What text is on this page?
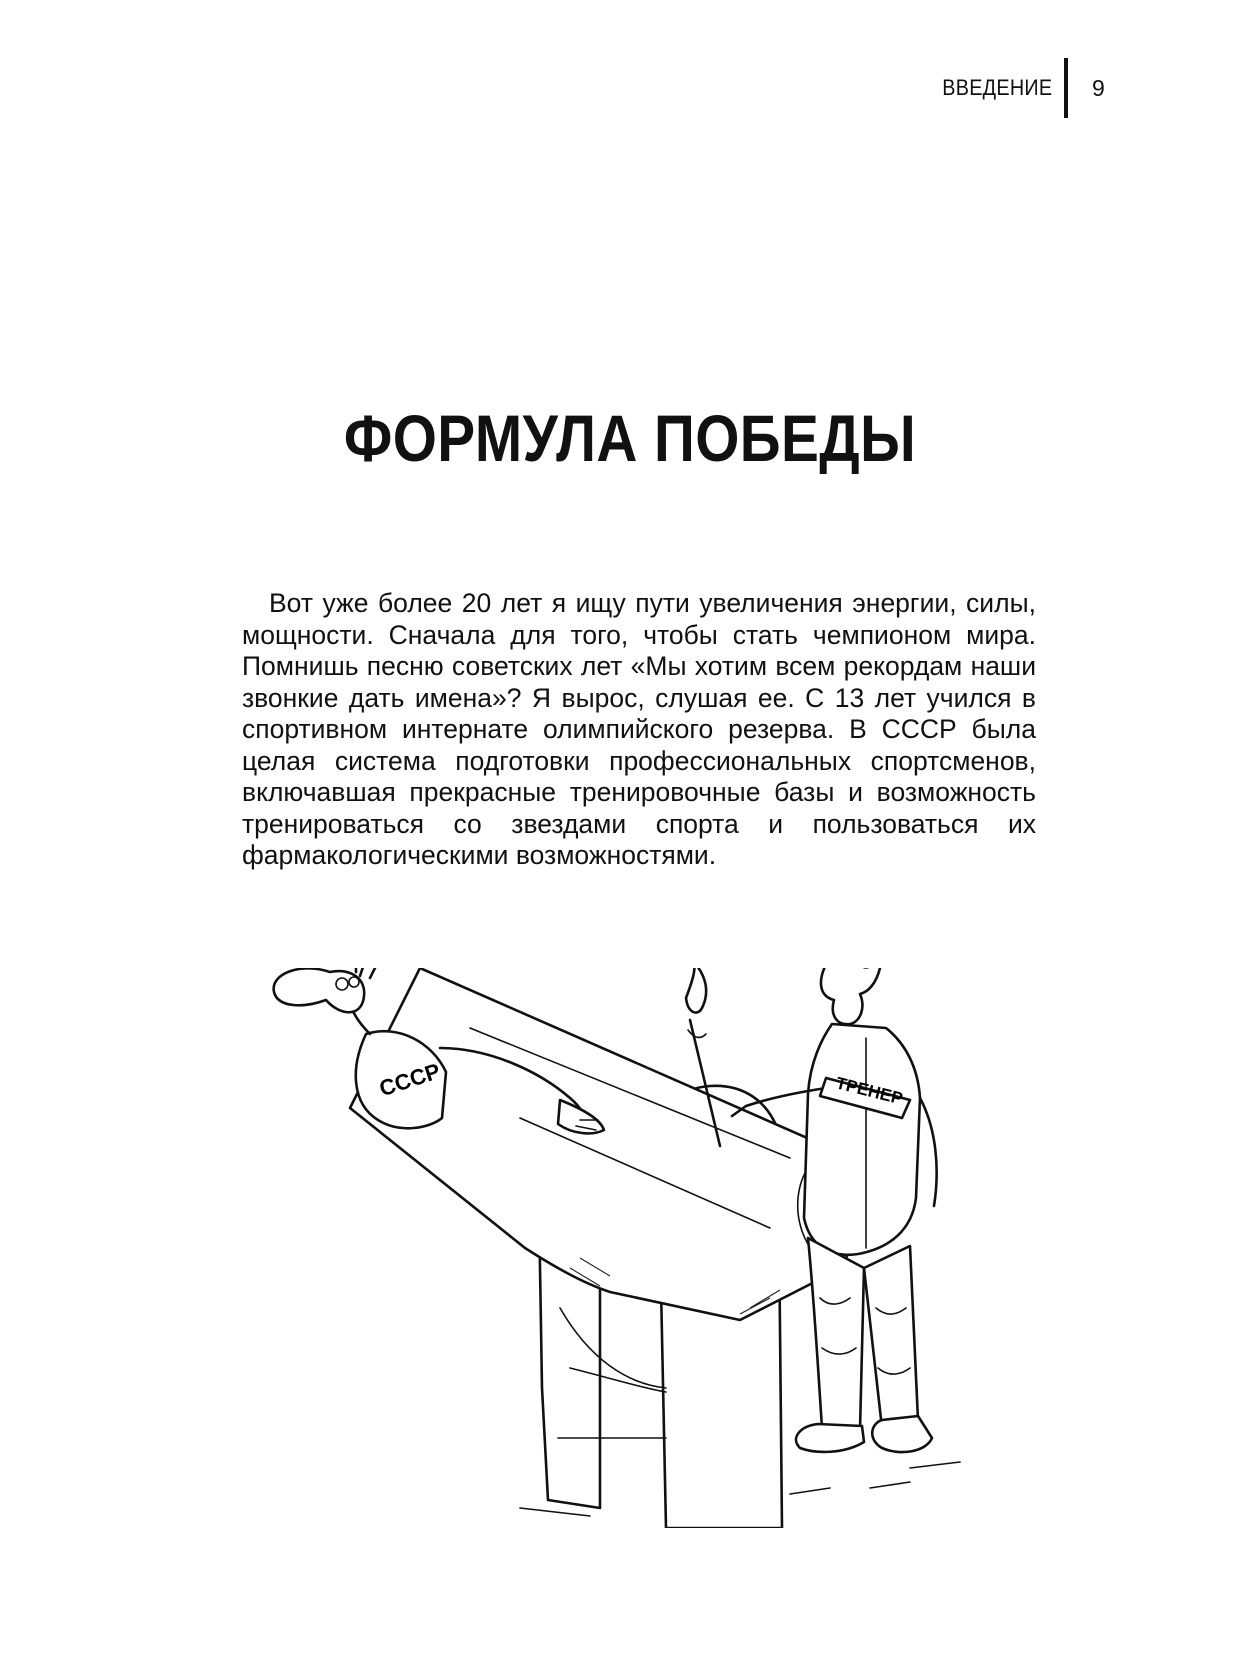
ВВЕДЕНИЕ 9
ФОРМУЛА ПОБЕДЫ

Вот уже более 20 лет я ищу пути увеличения энергии, силы, мощности. Сначала для того, чтобы стать чемпионом мира. Помнишь песню советских лет «Мы хотим всем рекордам наши звонкие дать имена»? Я вырос, слушая ее. С 13 лет учился в спортивном интернате олимпийского резерва. В СССР была целая система подготовки профессиональных спортсменов, включавшая прекрасные тренировочные базы и возможность тренироваться со звездами спорта и пользоваться их фармакологическими возможностями.

СССР	ТРЕНЕР
